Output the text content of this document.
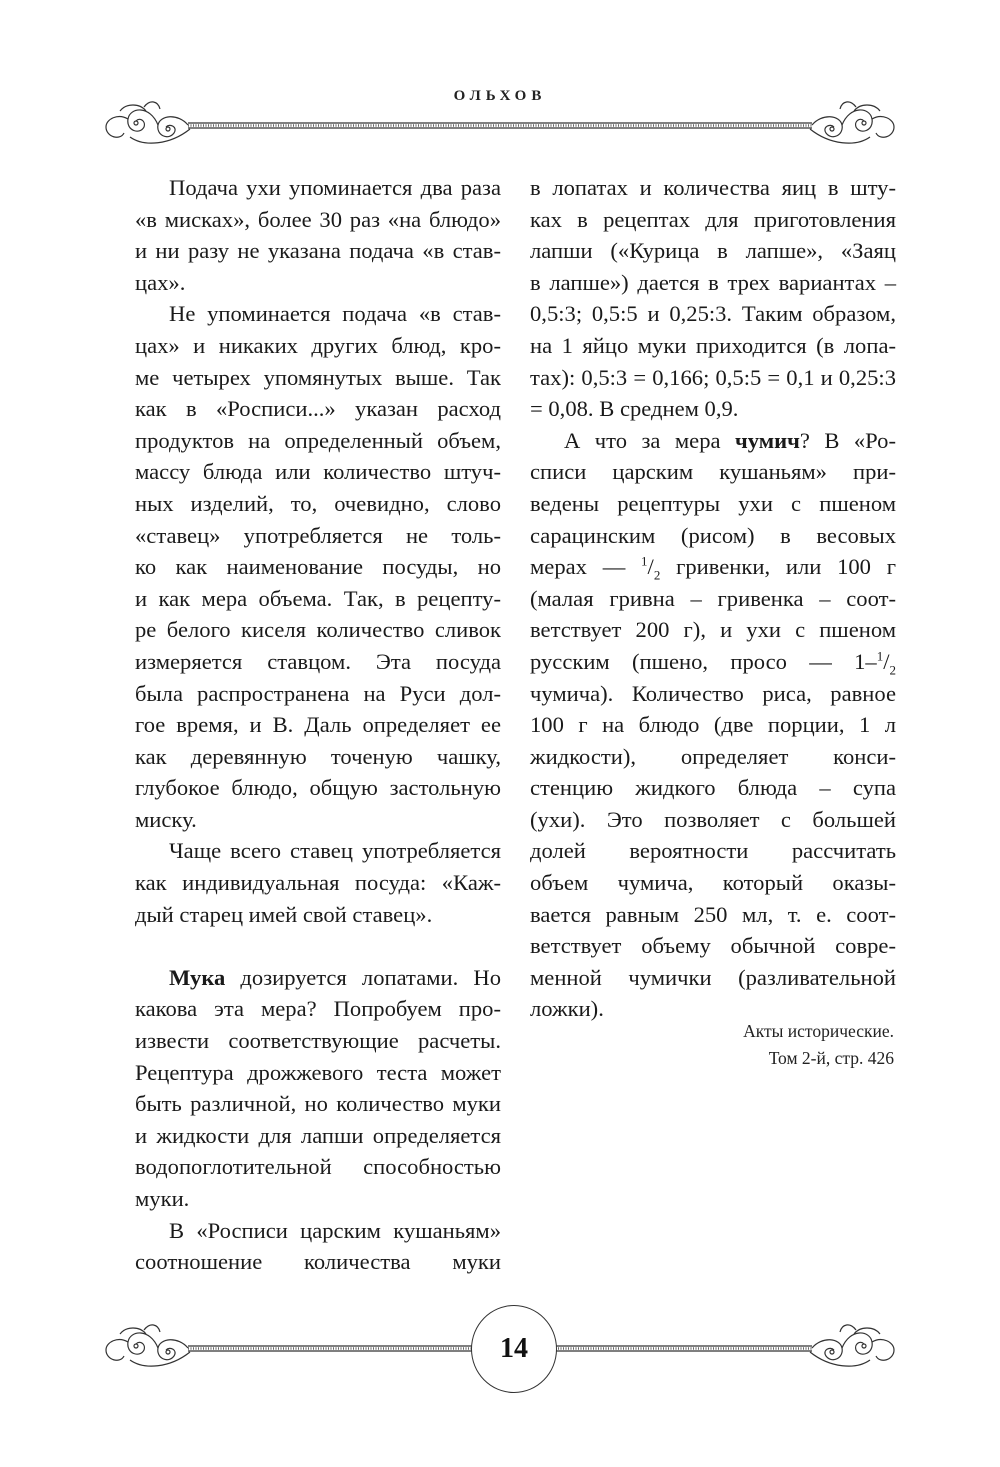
ОЛЬХОВ
Подача ухи упоминается два раза
«в мисках», более 30 раз «на блюдо»
и ни разу не указана подача «в став-
цах».
Не упоминается подача «в став-
цах» и никаких других блюд, кро-
ме четырех упомянутых выше. Так
как в «Росписи...» указан расход
продуктов на определенный объем,
массу блюда или количество штуч-
ных изделий, то, очевидно, слово
«ставец» употребляется не толь-
ко как наименование посуды, но
и как мера объема. Так, в рецепту-
ре белого киселя количество сливок
измеряется ставцом. Эта посуда
была распространена на Руси дол-
гое время, и В. Даль определяет ее
как деревянную точеную чашку,
глубокое блюдо, общую застольную
миску.
Чаще всего ставец употребляется
как индивидуальная посуда: «Каж-
дый старец имей свой ставец».

Мука дозируется лопатами. Но
какова эта мера? Попробуем про-
извести соответствующие расчеты.
Рецептура дрожжевого теста может
быть различной, но количество муки
и жидкости для лапши определяется
водопоглотительной способностью
муки.
В «Росписи царским кушаньям»
соотношение количества муки
в лопатах и количества яиц в шту-
ках в рецептах для приготовления
лапши («Курица в лапше», «Заяц
в лапше») дается в трех вариантах –
0,5:3; 0,5:5 и 0,25:3. Таким образом,
на 1 яйцо муки приходится (в лопа-
тах): 0,5:3 = 0,166; 0,5:5 = 0,1 и 0,25:3
= 0,08. В среднем 0,9.
А что за мера чумич? В «Ро-
списи царским кушаньям» при-
ведены рецептуры ухи с пшеном
сарацинским (рисом) в весовых
мерах — $^1/_2$ гривенки, или 100 г
(малая гривна – гривенка – соот-
ветствует 200 г), и ухи с пшеном
русским (пшено, просо — $1-^1/_2$
чумича). Количество риса, равное
100 г на блюдо (две порции, 1 л
жидкости), определяет конси-
стенцию жидкого блюда – супа
(ухи). Это позволяет с большей
долей вероятности рассчитать
объем чумича, который оказы-
вается равным 250 мл, т. е. соот-
ветствует объему обычной совре-
менной чумички (разливательной
ложки).
Акты исторические.
Том 2-й, стр. 426
14
